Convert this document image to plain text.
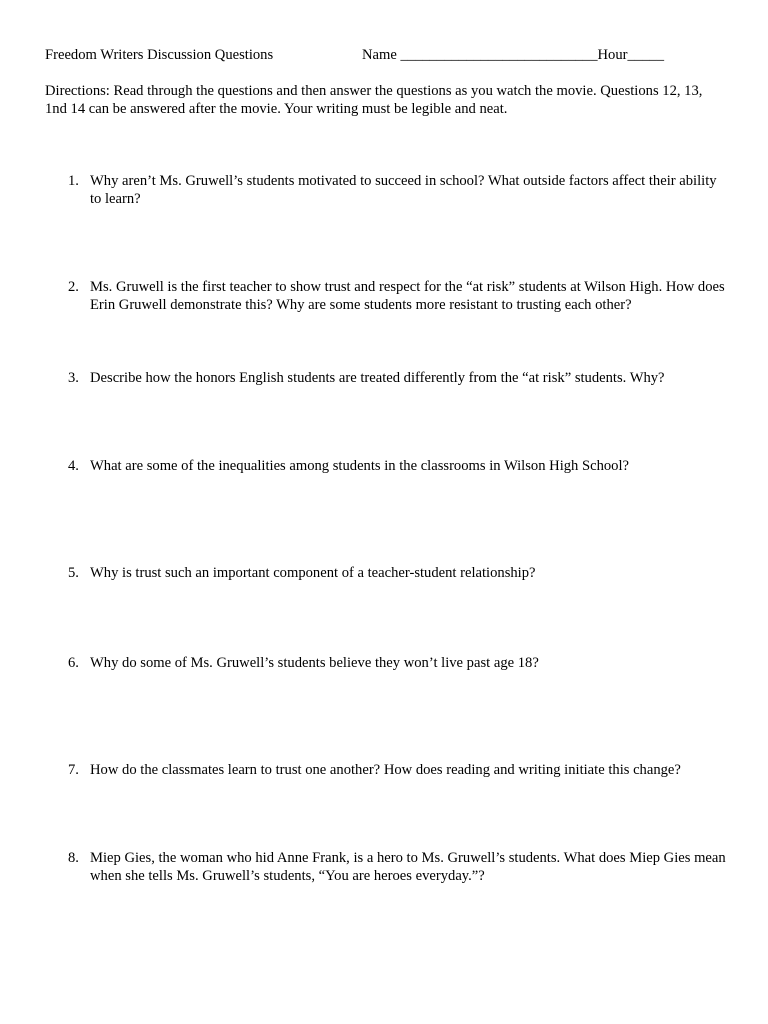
Freedom Writers Discussion Questions	Name ___________________________Hour_____
Directions: Read through the questions and then answer the questions as you watch the movie. Questions 12, 13, 1nd 14 can be answered after the movie. Your writing must be legible and neat.
1. Why aren’t Ms. Gruwell’s students motivated to succeed in school? What outside factors affect their ability to learn?
2. Ms. Gruwell is the first teacher to show trust and respect for the “at risk” students at Wilson High. How does Erin Gruwell demonstrate this? Why are some students more resistant to trusting each other?
3. Describe how the honors English students are treated differently from the “at risk” students. Why?
4. What are some of the inequalities among students in the classrooms in Wilson High School?
5. Why is trust such an important component of a teacher-student relationship?
6. Why do some of Ms. Gruwell’s students believe they won’t live past age 18?
7. How do the classmates learn to trust one another? How does reading and writing initiate this change?
8. Miep Gies, the woman who hid Anne Frank, is a hero to Ms. Gruwell’s students. What does Miep Gies mean when she tells Ms. Gruwell’s students, “You are heroes everyday.”?
